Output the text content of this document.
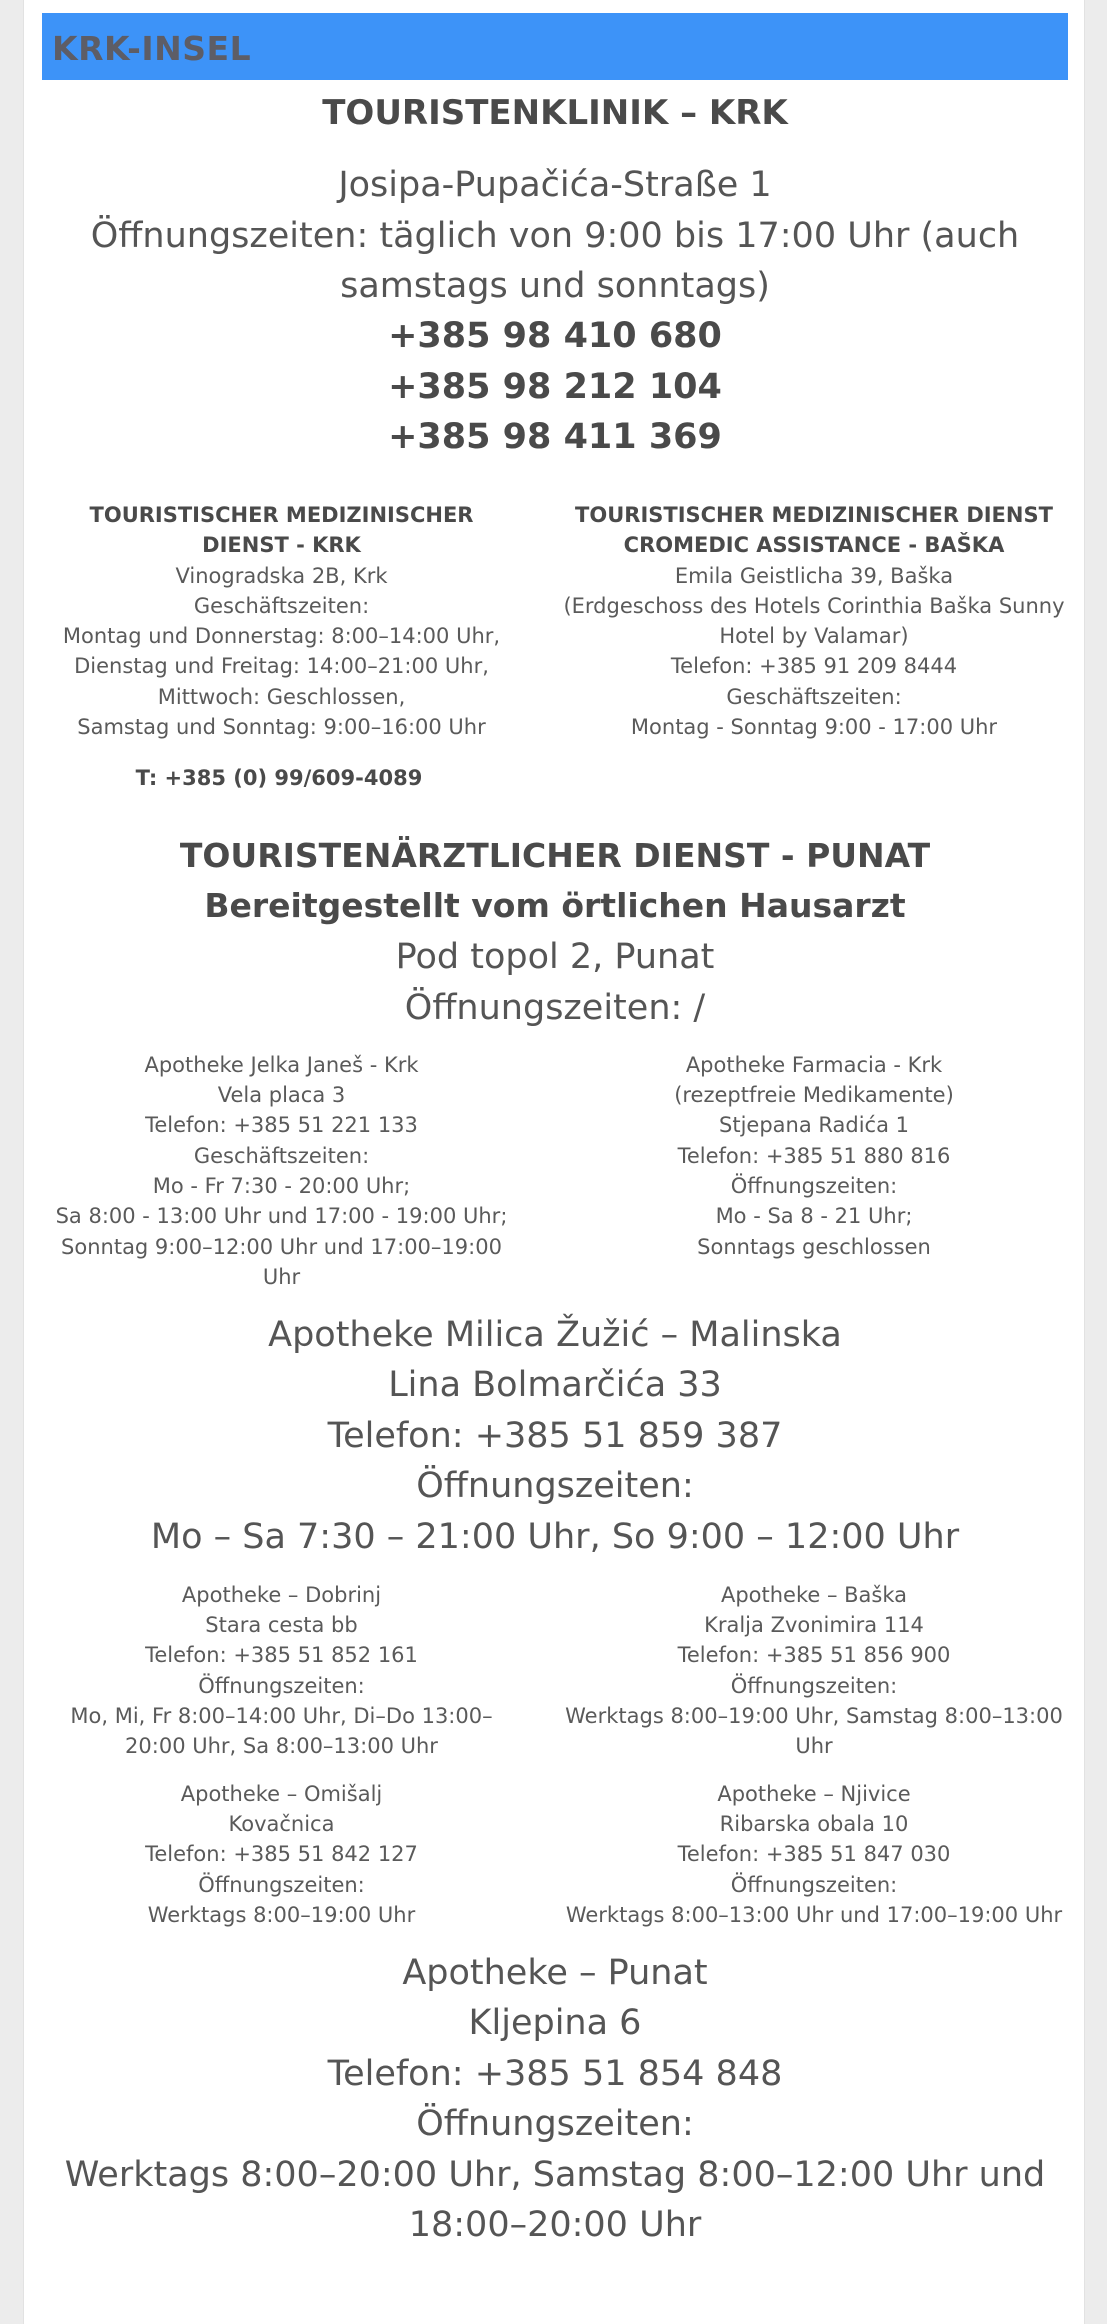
KRK-INSEL
TOURISTENKLINIK – KRK
Josipa-Pupačića-Straße 1
Öffnungszeiten: täglich von 9:00 bis 17:00 Uhr (auch
samstags und sonntags)
+385 98 410 680
+385 98 212 104
+385 98 411 369
TOURISTISCHER MEDIZINISCHER
DIENST - KRK
Vinogradska 2B, Krk
Geschäftszeiten:
Montag und Donnerstag: 8:00–14:00 Uhr,
Dienstag und Freitag: 14:00–21:00 Uhr,
Mittwoch: Geschlossen,
Samstag und Sonntag: 9:00–16:00 Uhr
T: +385 (0) 99/609-4089
TOURISTISCHER MEDIZINISCHER DIENST
CROMEDIC ASSISTANCE - BAŠKA
Emila Geistlicha 39, Baška
(Erdgeschoss des Hotels Corinthia Baška Sunny
Hotel by Valamar)
Telefon: +385 91 209 8444
Geschäftszeiten:
Montag - Sonntag 9:00 - 17:00 Uhr
TOURISTENÄRZTLICHER DIENST - PUNAT
Bereitgestellt vom örtlichen Hausarzt
Pod topol 2, Punat
Öffnungszeiten: /
Apotheke Jelka Janeš - Krk
Vela placa 3
Telefon: +385 51 221 133
Geschäftszeiten:
Mo - Fr 7:30 - 20:00 Uhr;
Sa 8:00 - 13:00 Uhr und 17:00 - 19:00 Uhr;
Sonntag 9:00–12:00 Uhr und 17:00–19:00
Uhr
Apotheke Farmacia - Krk
(rezeptfreie Medikamente)
Stjepana Radića 1
Telefon: +385 51 880 816
Öffnungszeiten:
Mo - Sa 8 - 21 Uhr;
Sonntags geschlossen
Apotheke Milica Žužić – Malinska
Lina Bolmarčića 33
Telefon: +385 51 859 387
Öffnungszeiten:
Mo – Sa 7:30 – 21:00 Uhr, So 9:00 – 12:00 Uhr
Apotheke – Dobrinj
Stara cesta bb
Telefon: +385 51 852 161
Öffnungszeiten:
Mo, Mi, Fr 8:00–14:00 Uhr, Di–Do 13:00–
20:00 Uhr, Sa 8:00–13:00 Uhr
Apotheke – Baška
Kralja Zvonimira 114
Telefon: +385 51 856 900
Öffnungszeiten:
Werktags 8:00–19:00 Uhr, Samstag 8:00–13:00
Uhr
Apotheke – Omišalj
Kovačnica
Telefon: +385 51 842 127
Öffnungszeiten:
Werktags 8:00–19:00 Uhr
Apotheke – Njivice
Ribarska obala 10
Telefon: +385 51 847 030
Öffnungszeiten:
Werktags 8:00–13:00 Uhr und 17:00–19:00 Uhr
Apotheke – Punat
Kljepina 6
Telefon: +385 51 854 848
Öffnungszeiten:
Werktags 8:00–20:00 Uhr, Samstag 8:00–12:00 Uhr und
18:00–20:00 Uhr
